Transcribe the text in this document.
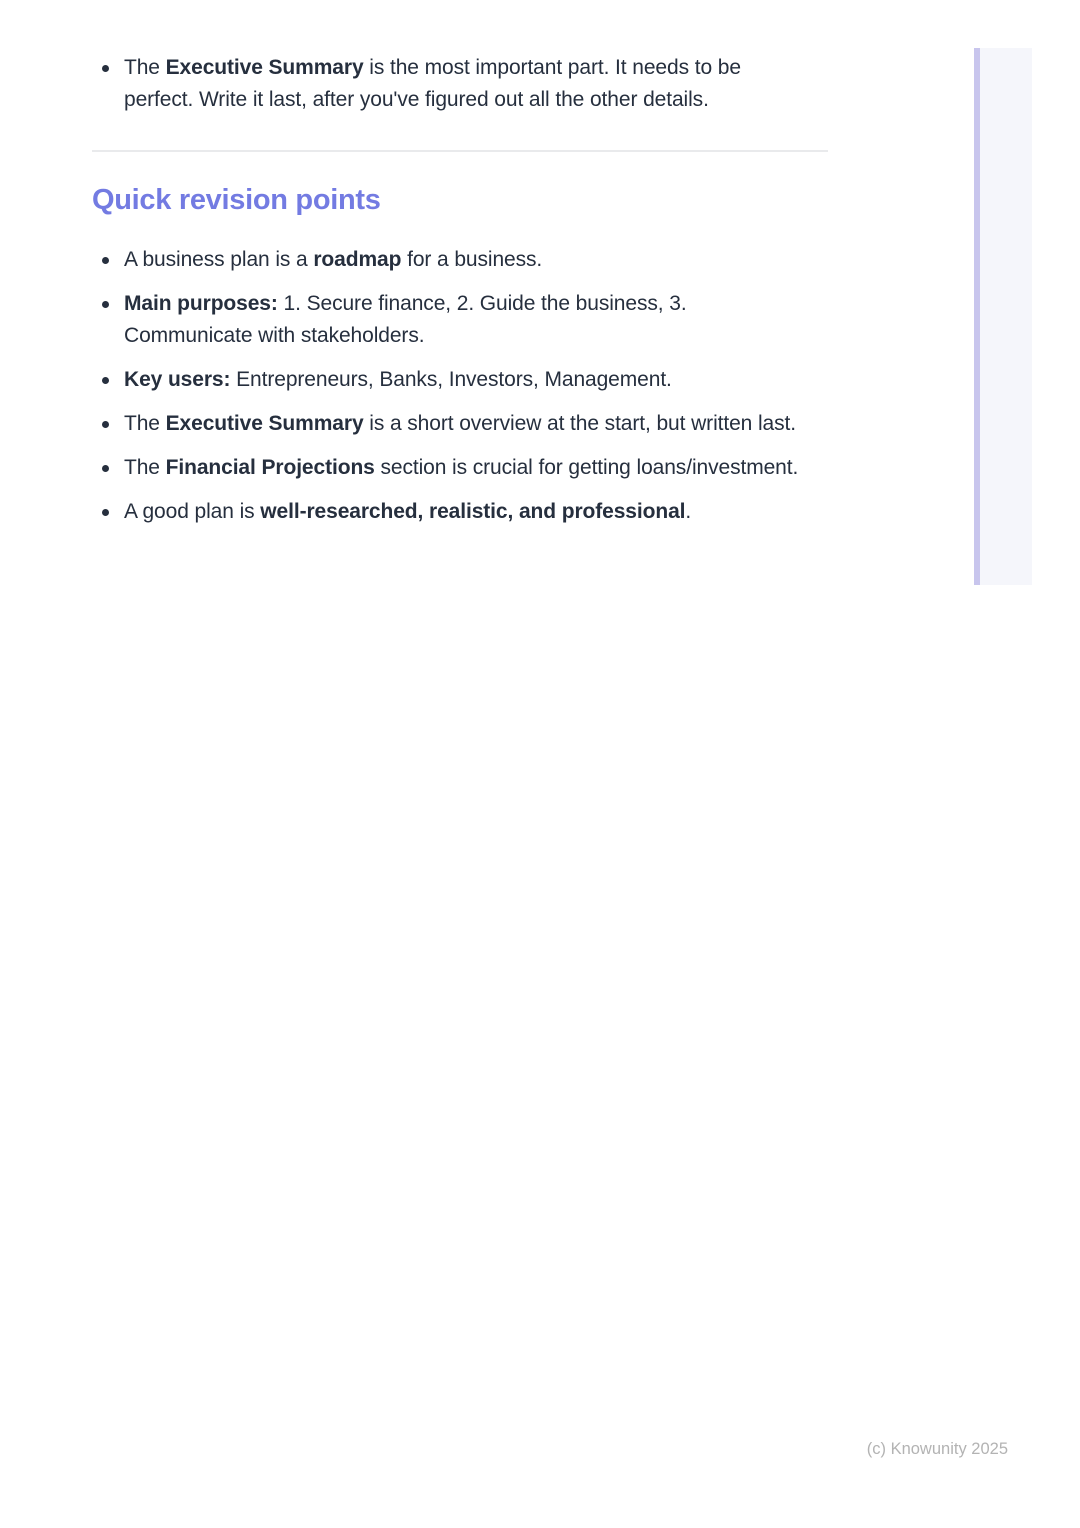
The Executive Summary is the most important part. It needs to be perfect. Write it last, after you've figured out all the other details.
Quick revision points
A business plan is a roadmap for a business.
Main purposes: 1. Secure finance, 2. Guide the business, 3. Communicate with stakeholders.
Key users: Entrepreneurs, Banks, Investors, Management.
The Executive Summary is a short overview at the start, but written last.
The Financial Projections section is crucial for getting loans/investment.
A good plan is well-researched, realistic, and professional.
(c) Knowunity 2025
